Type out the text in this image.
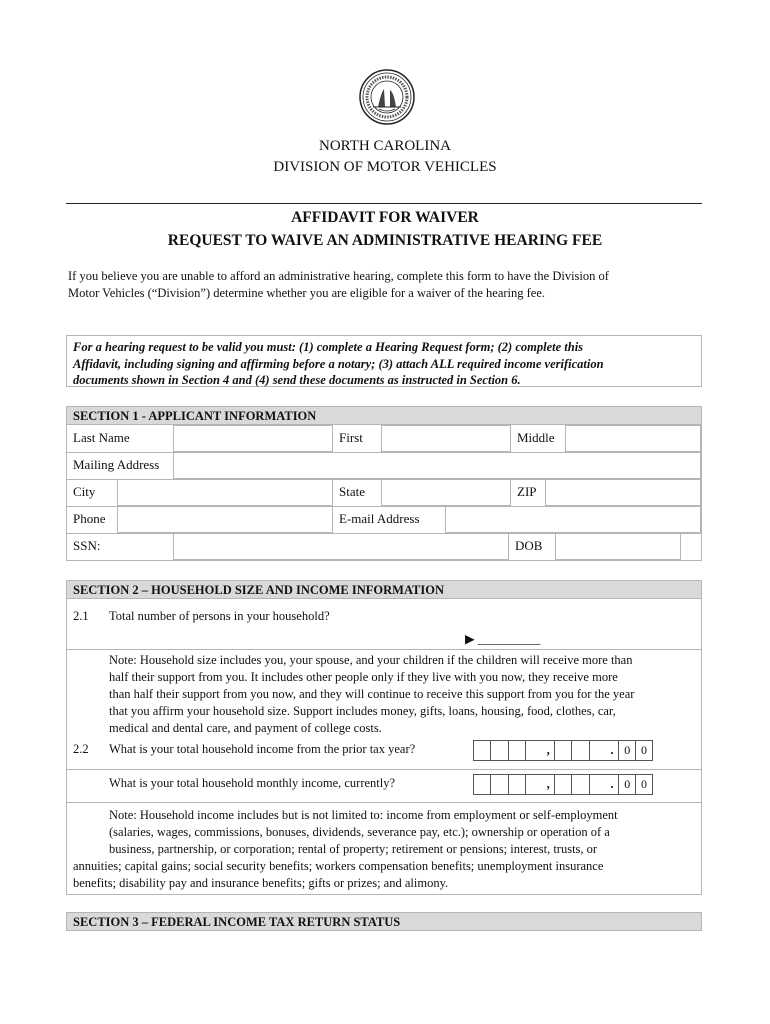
NORTH CAROLINA
DIVISION OF MOTOR VEHICLES
AFFIDAVIT FOR WAIVER
REQUEST TO WAIVE AN ADMINISTRATIVE HEARING FEE
If you believe you are unable to afford an administrative hearing, complete this form to have the Division of
Motor Vehicles (“Division”) determine whether you are eligible for a waiver of the hearing fee.
For a hearing request to be valid you must: (1) complete a Hearing Request form; (2) complete this
Affidavit, including signing and affirming before a notary; (3) attach ALL required income verification
documents shown in Section 4 and (4) send these documents as instructed in Section 6.
SECTION 1 - APPLICANT INFORMATION
Last Name	First	Middle
Mailing Address
City	State	ZIP
Phone	E-mail Address
SSN:	DOB
SECTION 2 – HOUSEHOLD SIZE AND INCOME INFORMATION
2.1 Total number of persons in your household?
▶ __________
Note: Household size includes you, your spouse, and your children if the children will receive more than
half their support from you. It includes other people only if they live with you now, they receive more
than half their support from you now, and they will continue to receive this support from you for the year
that you affirm your household size. Support includes money, gifts, loans, housing, food, clothes, car,
medical and dental care, and payment of college costs.
2.2 What is your total household income from the prior tax year?	,	. 0 0
What is your total household monthly income, currently?	,	. 0 0
Note: Household income includes but is not limited to: income from employment or self-employment
(salaries, wages, commissions, bonuses, dividends, severance pay, etc.); ownership or operation of a
business, partnership, or corporation; rental of property; retirement or pensions; interest, trusts, or
annuities; capital gains; social security benefits; workers compensation benefits; unemployment insurance
benefits; disability pay and insurance benefits; gifts or prizes; and alimony.
SECTION 3 – FEDERAL INCOME TAX RETURN STATUS
